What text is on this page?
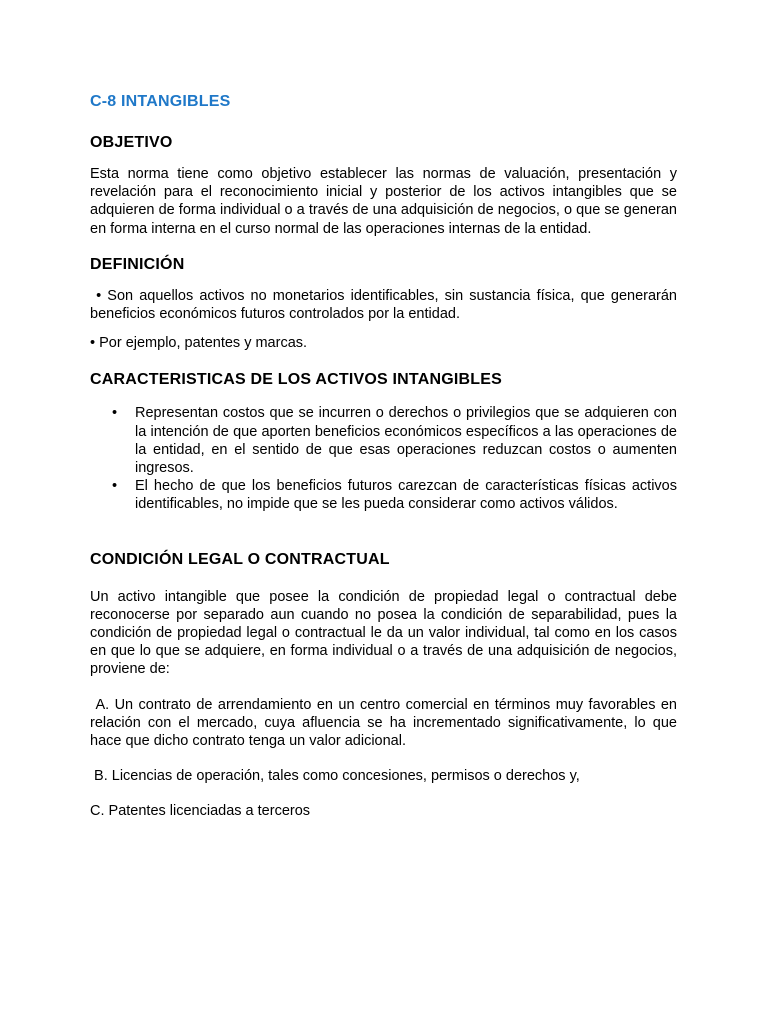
C-8 INTANGIBLES
OBJETIVO

Esta norma tiene como objetivo establecer las normas de valuación, presentación y revelación para el reconocimiento inicial y posterior de los activos intangibles que se adquieren de forma individual o a través de una adquisición de negocios, o que se generan en forma interna en el curso normal de las operaciones internas de la entidad.

DEFINICIÓN

• Son aquellos activos no monetarios identificables, sin sustancia física, que generarán beneficios económicos futuros controlados por la entidad.

• Por ejemplo, patentes y marcas.

CARACTERISTICAS DE LOS ACTIVOS INTANGIBLES
• Representan costos que se incurren o derechos o privilegios que se adquieren con la intención de que aporten beneficios económicos específicos a las operaciones de la entidad, en el sentido de que esas operaciones reduzcan costos o aumenten ingresos.
• El hecho de que los beneficios futuros carezcan de características físicas activos identificables, no impide que se les pueda considerar como activos válidos.
CONDICIÓN LEGAL O CONTRACTUAL

Un activo intangible que posee la condición de propiedad legal o contractual debe reconocerse por separado aun cuando no posea la condición de separabilidad, pues la condición de propiedad legal o contractual le da un valor individual, tal como en los casos en que lo que se adquiere, en forma individual o a través de una adquisición de negocios, proviene de:

A. Un contrato de arrendamiento en un centro comercial en términos muy favorables en relación con el mercado, cuya afluencia se ha incrementado significativamente, lo que hace que dicho contrato tenga un valor adicional.

B. Licencias de operación, tales como concesiones, permisos o derechos y,

C. Patentes licenciadas a terceros
